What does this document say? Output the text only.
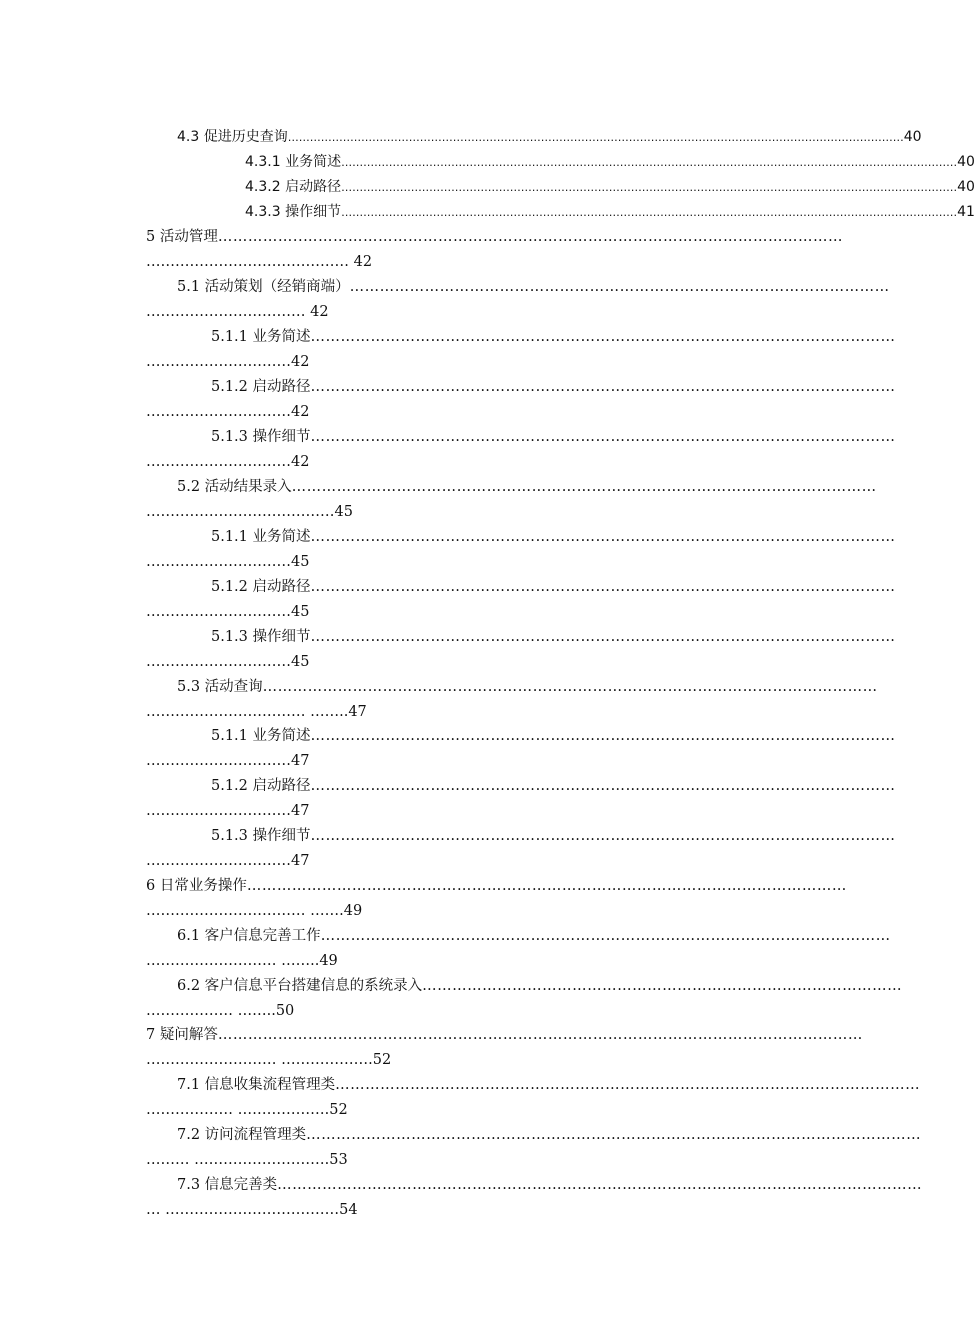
4.3 促进历史查询 …………………………………………………………………………………………………………………………………………………… 40
4.3.1 业务简述 …………………………………………………………………………………………………………………………………………………… 40
4.3.2 启动路径 …………………………………………………………………………………………………………………………………………………… 40
4.3.3 操作细节 …………………………………………………………………………………………………………………………………………………… 41
5 活动管理 ……………..………………………………………………………………………………………………
…………………………………… 42
5.1 活动策划（经销商端） ………………………………………………………………………………………………
…………………………… 42
5.1.1 业务简述 ………………………………………………………………………………………………………
…………………………42
5.1.2 启动路径 ………………………………………………………………………………………………………
…………………………42
5.1.3 操作细节 ………………………………………………………………………………………………………
…………………………42
5.2 活动结果录入 ………………………………………………………………………………………………………
…………………………………45
5.1.1 业务简述 ………………………………………………………………………………………………………
…………………………45
5.1.2 启动路径 ………………………………………………………………………………………………………
…………………………45
5.1.3 操作细节 ………………………………………………………………………………………………………
…………………………45
5.3 活动查询 ……………………………………………………………………………………………………………
…………………………… ……..47
5.1.1 业务简述 ………………………………………………………………………………………………………
…………………………47
5.1.2 启动路径 ………………………………………………………………………………………………………
…………………………47
5.1.3 操作细节 ………………………………………………………………………………………………………
…………………………47
6 日常业务操作 …………………………………………………………………………………………………………
…………………………… …….49
6.1 客户信息完善工作 ……………………………………………………………………………………………………
……………………… ……..49
6.2 客户信息平台搭建信息的系统录入 ……………………………………………………………………………………
……………… ……..50
7 疑问解答 …………………………………………………………………………………………………………………
……………………… ……………….52
7.1 信息收集流程管理类 ………………………………………………………………………………………………………
……………… ……………….52
7.2 访问流程管理类 ……………………………………………………………………………………………………………
……… ……………………….53
7.3 信息完善类 …………………………………………………………………………………………………………………
… ………………………………54
